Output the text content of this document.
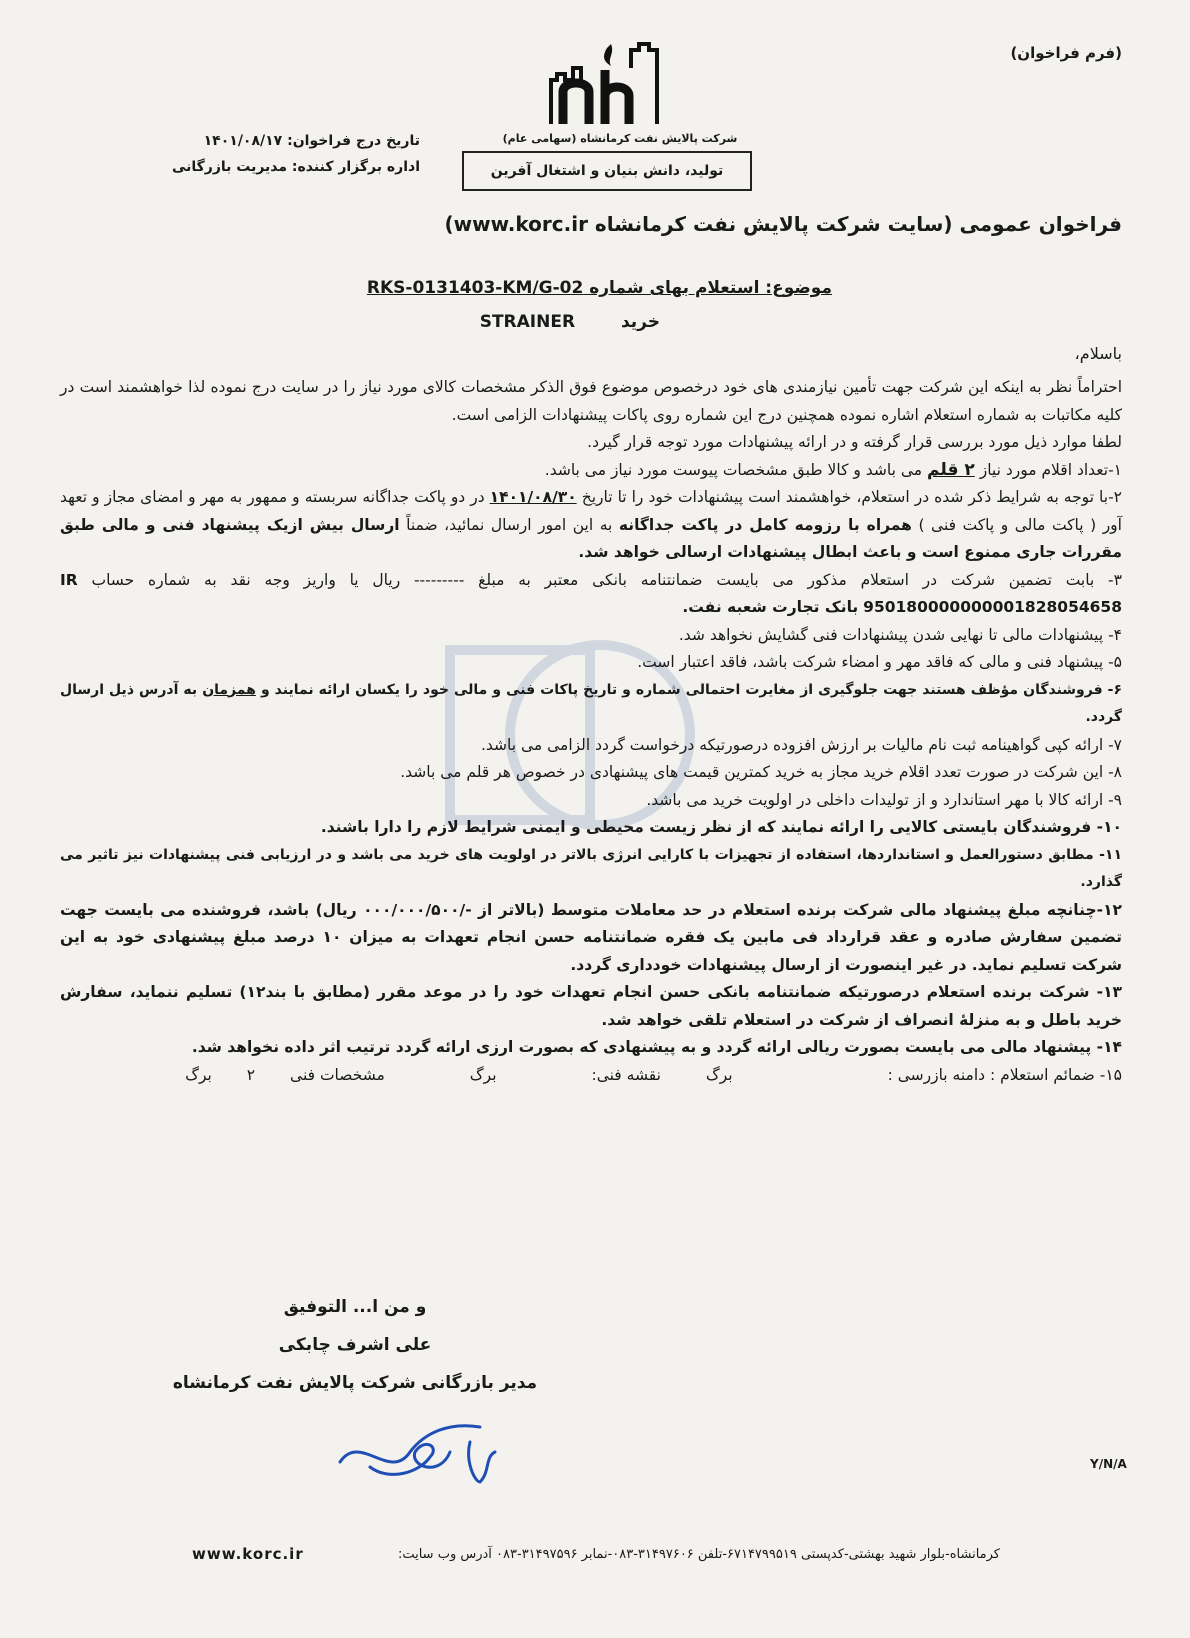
(فرم فراخوان)
شرکت پالایش نفت کرمانشاه (سهامی عام)
تولید، دانش بنیان و اشتغال آفرین
تاریخ درج فراخوان: ۱۴۰۱/۰۸/۱۷
اداره برگزار کننده: مدیریت بازرگانی
فراخوان عمومی (سایت شرکت پالایش نفت کرمانشاه www.korc.ir)
موضوع: استعلام بهای شماره RKS-0131403-KM/G-02
خرید STRAINER
باسلام،

احتراماً نظر به اینکه این شرکت جهت تأمین نیازمندی های خود درخصوص موضوع فوق الذکر مشخصات کالای مورد نیاز را در سایت درج نموده لذا خواهشمند است در کلیه مکاتبات به شماره استعلام اشاره نموده همچنین درج این شماره روی پاکات پیشنهادات الزامی است.

لطفا موارد ذیل مورد بررسی قرار گرفته و در ارائه پیشنهادات مورد توجه قرار گیرد.

۱-تعداد اقلام مورد نیاز ۲ قلم می باشد و کالا طبق مشخصات پیوست مورد نیاز می باشد.

۲-با توجه به شرایط ذکر شده در استعلام، خواهشمند است پیشنهادات خود را تا تاریخ ۱۴۰۱/۰۸/۳۰ در دو پاکت جداگانه سربسته و ممهور به مهر و امضای مجاز و تعهد آور ( پاکت مالی و پاکت فنی ) همراه با رزومه کامل در پاکت جداگانه به این امور ارسال نمائید، ضمناً ارسال بیش ازیک پیشنهاد فنی و مالی طبق مقررات جاری ممنوع است و باعث ابطال پیشنهادات ارسالی خواهد شد.

۳- بابت تضمین شرکت در استعلام مذکور می بایست ضمانتنامه بانکی معتبر به مبلغ --------- ریال یا واریز وجه نقد به شماره حساب IR 950180000000001828054658 بانک تجارت شعبه نفت.

۴- پیشنهادات مالی تا نهایی شدن پیشنهادات فنی گشایش نخواهد شد.

۵- پیشنهاد فنی و مالی که فاقد مهر و امضاء شرکت باشد، فاقد اعتبار است.

۶- فروشندگان مؤظف هستند جهت جلوگیری از مغایرت احتمالی شماره و تاریخ پاکات فنی و مالی خود را یکسان ارائه نمایند و همزمان به آدرس ذیل ارسال گردد.

۷- ارائه کپی گواهینامه ثبت نام مالیات بر ارزش افزوده درصورتیکه درخواست گردد الزامی می باشد.

۸- این شرکت در صورت تعدد اقلام خرید مجاز به خرید کمترین قیمت های پیشنهادی در خصوص هر قلم می باشد.

۹- ارائه کالا با مهر استاندارد و از تولیدات داخلی در اولویت خرید می باشد.

۱۰- فروشندگان بایستی کالایی را ارائه نمایند که از نظر زیست محیطی و ایمنی شرایط لازم را دارا باشند.

۱۱- مطابق دستورالعمل و استانداردها، استفاده از تجهیزات با کارایی انرژی بالاتر در اولویت های خرید می باشد و در ارزیابی فنی پیشنهادات نیز تاثیر می گذارد.

۱۲-چنانچه مبلغ پیشنهاد مالی شرکت برنده استعلام در حد معاملات متوسط (بالاتر از -/۰۰۰/۰۰۰/۵۰۰ ریال) باشد، فروشنده می بایست جهت تضمین سفارش صادره و عقد قرارداد فی مابین یک فقره ضمانتنامه حسن انجام تعهدات به میزان ۱۰ درصد مبلغ پیشنهادی خود به این شرکت تسلیم نماید. در غیر اینصورت از ارسال پیشنهادات خودداری گردد.

۱۳- شرکت برنده استعلام درصورتیکه ضمانتنامه بانکی حسن انجام تعهدات خود را در موعد مقرر (مطابق با بند۱۲) تسلیم ننماید، سفارش خرید باطل و به منزلهٔ انصراف از شرکت در استعلام تلقی خواهد شد.

۱۴- پیشنهاد مالی می بایست بصورت ریالی ارائه گردد و به پیشنهادی که بصورت ارزی ارائه گردد ترتیب اثر داده نخواهد شد.

۱۵- ضمائم استعلام : دامنه بازرسی : برگ نقشه فنی: برگ مشخصات فنی ۲ برگ

و من ا... التوفیق
علی اشرف چابکی
مدیر بازرگانی شرکت پالایش نفت کرمانشاه
Y/N/A
کرمانشاه-بلوار شهید بهشتی-کدپستی ۶۷۱۴۷۹۹۵۱۹-تلفن ۳۱۴۹۷۶۰۶-۰۸۳-نمابر ۳۱۴۹۷۵۹۶-۰۸۳ آدرس وب سایت:
www.korc.ir
